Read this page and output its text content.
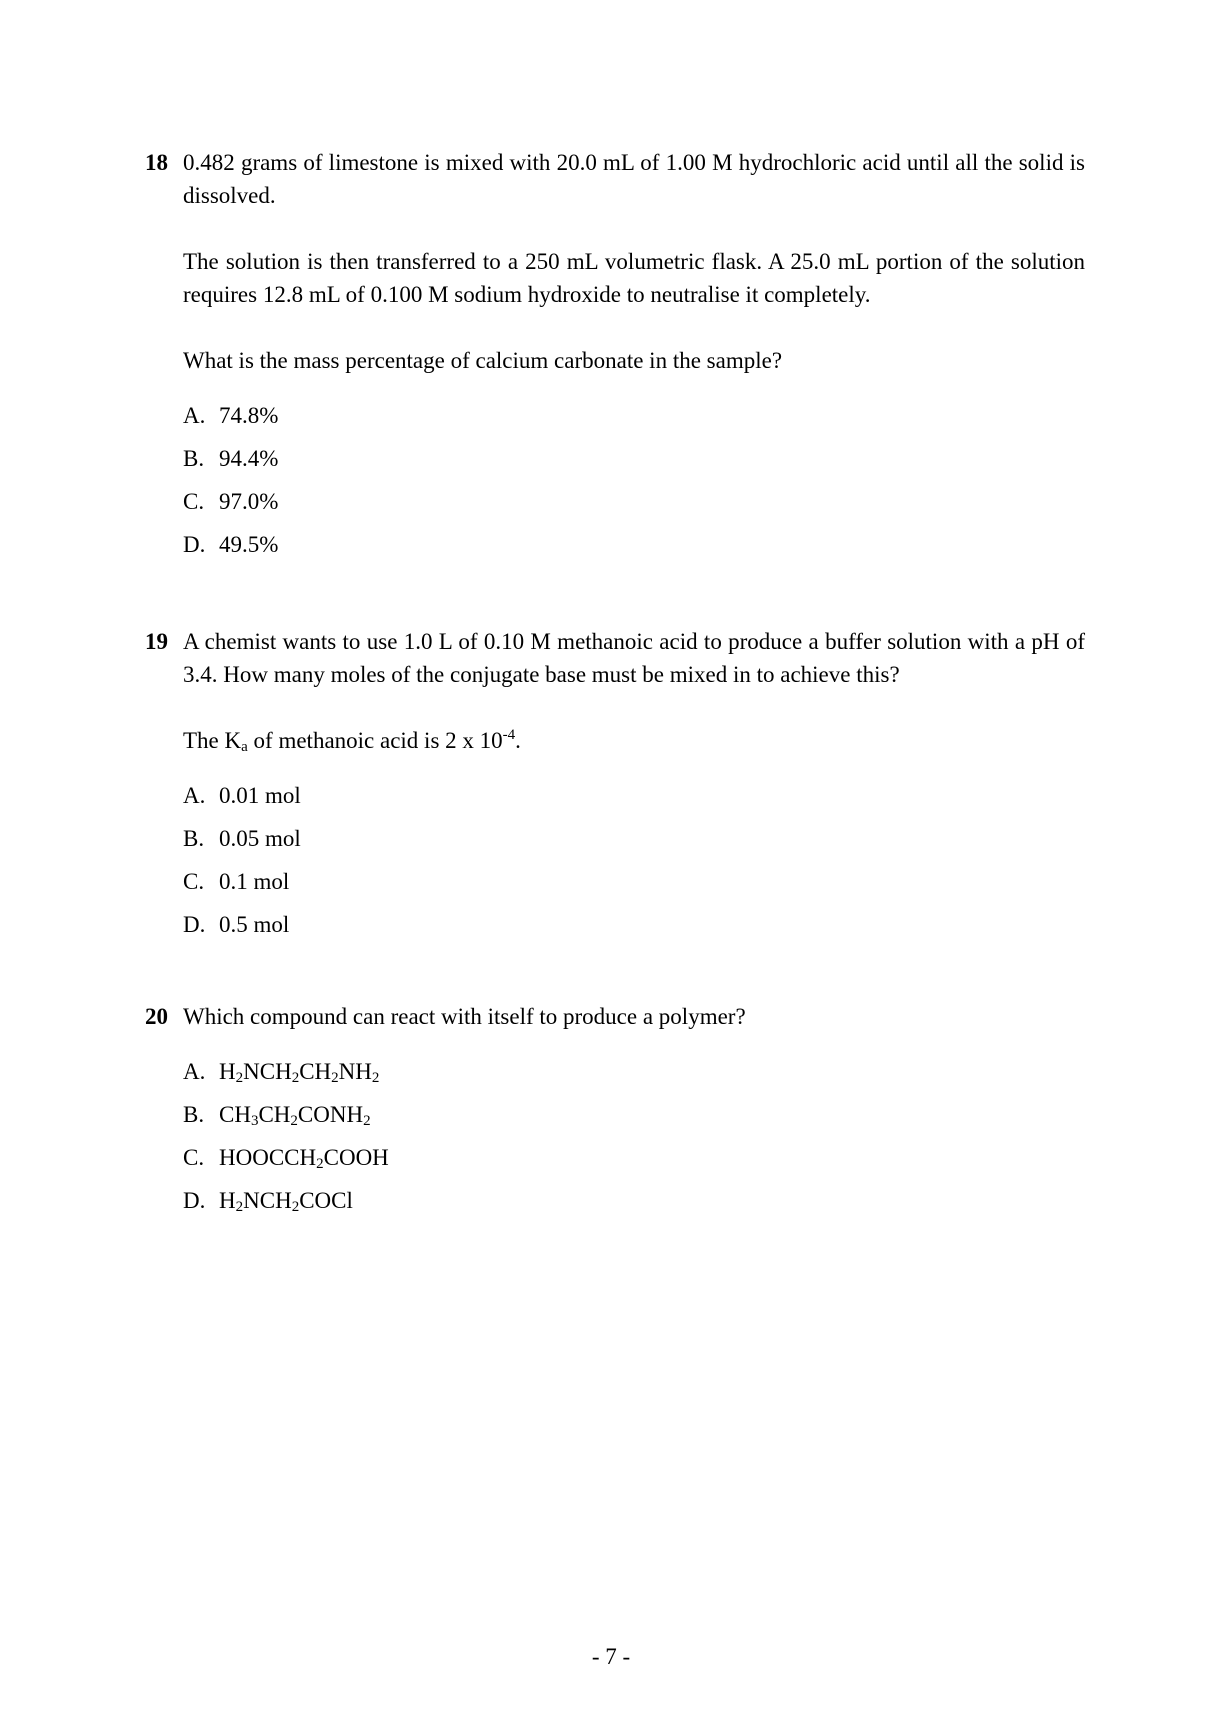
18 0.482 grams of limestone is mixed with 20.0 mL of 1.00 M hydrochloric acid until all the solid is dissolved.

The solution is then transferred to a 250 mL volumetric flask. A 25.0 mL portion of the solution requires 12.8 mL of 0.100 M sodium hydroxide to neutralise it completely.

What is the mass percentage of calcium carbonate in the sample?

A. 74.8%
B. 94.4%
C. 97.0%
D. 49.5%
19 A chemist wants to use 1.0 L of 0.10 M methanoic acid to produce a buffer solution with a pH of 3.4. How many moles of the conjugate base must be mixed in to achieve this?

The $K_a$ of methanoic acid is 2 x $10^{-4}$.

A. 0.01 mol
B. 0.05 mol
C. 0.1 mol
D. 0.5 mol
20 Which compound can react with itself to produce a polymer?

A. $H_2NCH_2CH_2NH_2$
B. $CH_3CH_2CONH_2$
C. $HOOCCH_2COOH$
D. $H_2NCH_2COCl$
- 7 -
